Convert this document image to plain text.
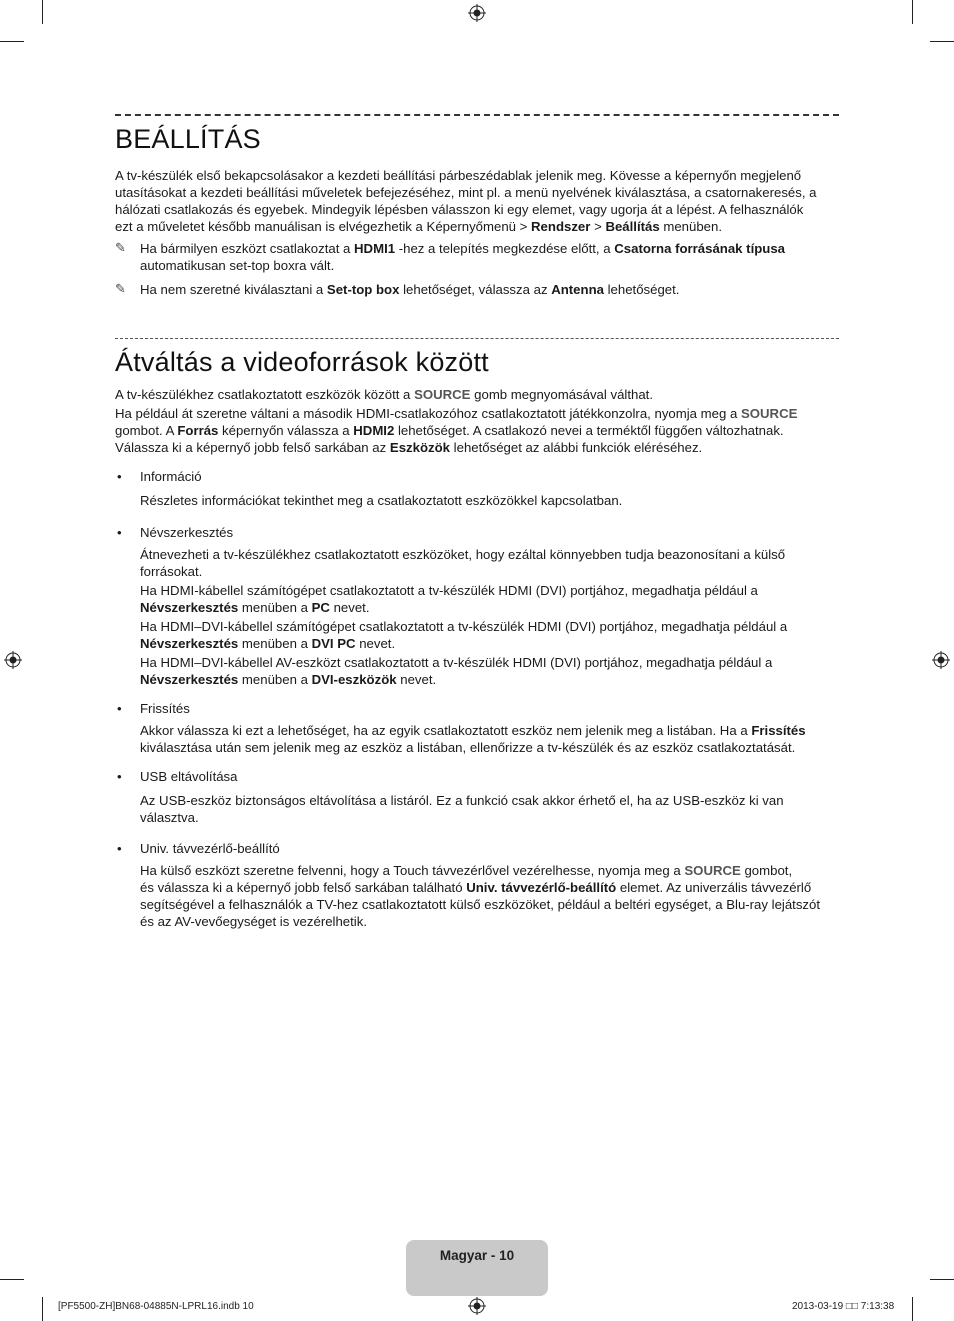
BEÁLLÍTÁS
A tv-készülék első bekapcsolásakor a kezdeti beállítási párbeszédablak jelenik meg. Kövesse a képernyőn megjelenő
utasításokat a kezdeti beállítási műveletek befejezéséhez, mint pl. a menü nyelvének kiválasztása, a csatornakeresés, a
hálózati csatlakozás és egyebek. Mindegyik lépésben válasszon ki egy elemet, vagy ugorja át a lépést. A felhasználók
ezt a műveletet később manuálisan is elvégezhetik a Képernyőmenü > Rendszer > Beállítás menüben.
✎	Ha bármilyen eszközt csatlakoztat a HDMI1 -hez a telepítés megkezdése előtt, a Csatorna forrásának típusa
automatikusan set-top boxra vált.
✎	Ha nem szeretné kiválasztani a Set-top box lehetőséget, válassza az Antenna lehetőséget.
Átváltás a videoforrások között
A tv-készülékhez csatlakoztatott eszközök között a SOURCE gomb megnyomásával válthat.
Ha például át szeretne váltani a második HDMI-csatlakozóhoz csatlakoztatott játékkonzolra, nyomja meg a SOURCE
gombot. A Forrás képernyőn válassza a HDMI2 lehetőséget. A csatlakozó nevei a terméktől függően változhatnak.
Válassza ki a képernyő jobb felső sarkában az Eszközök lehetőséget az alábbi funkciók eléréséhez.
• Információ
Részletes információkat tekinthet meg a csatlakoztatott eszközökkel kapcsolatban.
• Névszerkesztés
Átnevezheti a tv-készülékhez csatlakoztatott eszközöket, hogy ezáltal könnyebben tudja beazonosítani a külső
forrásokat.
Ha HDMI-kábellel számítógépet csatlakoztatott a tv-készülék HDMI (DVI) portjához, megadhatja például a
Névszerkesztés menüben a PC nevet.
Ha HDMI–DVI-kábellel számítógépet csatlakoztatott a tv-készülék HDMI (DVI) portjához, megadhatja például a
Névszerkesztés menüben a DVI PC nevet.
Ha HDMI–DVI-kábellel AV-eszközt csatlakoztatott a tv-készülék HDMI (DVI) portjához, megadhatja például a
Névszerkesztés menüben a DVI-eszközök nevet.
• Frissítés
Akkor válassza ki ezt a lehetőséget, ha az egyik csatlakoztatott eszköz nem jelenik meg a listában. Ha a Frissítés
kiválasztása után sem jelenik meg az eszköz a listában, ellenőrizze a tv-készülék és az eszköz csatlakoztatását.
• USB eltávolítása
Az USB-eszköz biztonságos eltávolítása a listáról. Ez a funkció csak akkor érhető el, ha az USB-eszköz ki van
választva.
• Univ. távvezérlő-beállító
Ha külső eszközt szeretne felvenni, hogy a Touch távvezérlővel vezérelhesse, nyomja meg a SOURCE gombot,
és válassza ki a képernyő jobb felső sarkában található Univ. távvezérlő-beállító elemet. Az univerzális távvezérlő
segítségével a felhasználók a TV-hez csatlakoztatott külső eszközöket, például a beltéri egységet, a Blu-ray lejátszót
és az AV-vevőegységet is vezérelhetik.
Magyar - 10
[PF5500-ZH]BN68-04885N-LPRL16.indb 10	2013-03-19 □□ 7:13:38
